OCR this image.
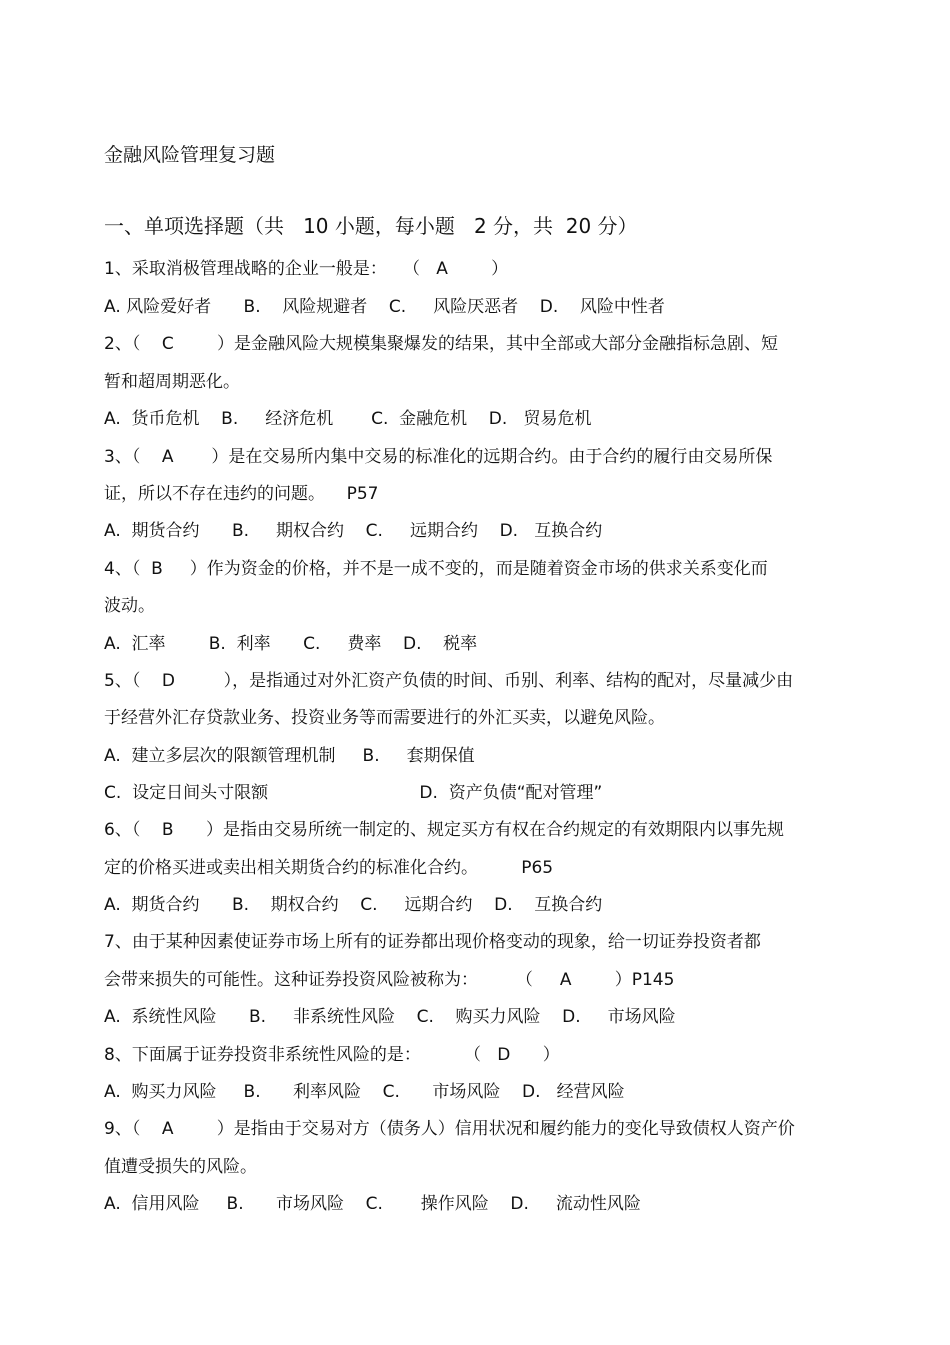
金融风险管理复习题
一、单项选择题（共   10 小题，每小题   2 分，共  20 分）
1、采取消极管理战略的企业一般是：   （   A        ）
A. 风险爱好者      B.    风险规避者    C.     风险厌恶者    D.    风险中性者
2、（    C        ）是金融风险大规模集聚爆发的结果，其中全部或大部分金融指标急剧、短
暂和超周期恶化。
A.  货币危机    B.     经济危机       C.  金融危机    D.   贸易危机
3、（    A       ）是在交易所内集中交易的标准化的远期合约。由于合约的履行由交易所保
证，所以不存在违约的问题。    P57
A.  期货合约      B.     期权合约    C.     远期合约    D.   互换合约
4、（  B     ）作为资金的价格，并不是一成不变的，而是随着资金市场的供求关系变化而
波动。
A.  汇率        B.  利率      C.     费率    D.    税率
5、（    D         ），是指通过对外汇资产负债的时间、币别、利率、结构的配对，尽量减少由
于经营外汇存贷款业务、投资业务等而需要进行的外汇买卖，以避免风险。
A.  建立多层次的限额管理机制     B.     套期保值
C.  设定日间头寸限额                            D.  资产负债“配对管理”
6、（    B      ）是指由交易所统一制定的、规定买方有权在合约规定的有效期限内以事先规
定的价格买进或卖出相关期货合约的标准化合约。        P65
A.  期货合约      B.    期权合约    C.     远期合约    D.    互换合约
7、由于某种因素使证券市场上所有的证券都出现价格变动的现象，给一切证券投资者都
会带来损失的可能性。这种证券投资风险被称为：       （     A        ）P145
A.  系统性风险      B.     非系统性风险    C.    购买力风险    D.     市场风险
8、下面属于证券投资非系统性风险的是：        （   D      ）
A.  购买力风险     B.      利率风险    C.      市场风险    D.   经营风险
9、（    A        ）是指由于交易对方（债务人）信用状况和履约能力的变化导致债权人资产价
值遭受损失的风险。
A.  信用风险     B.      市场风险    C.       操作风险    D.     流动性风险
